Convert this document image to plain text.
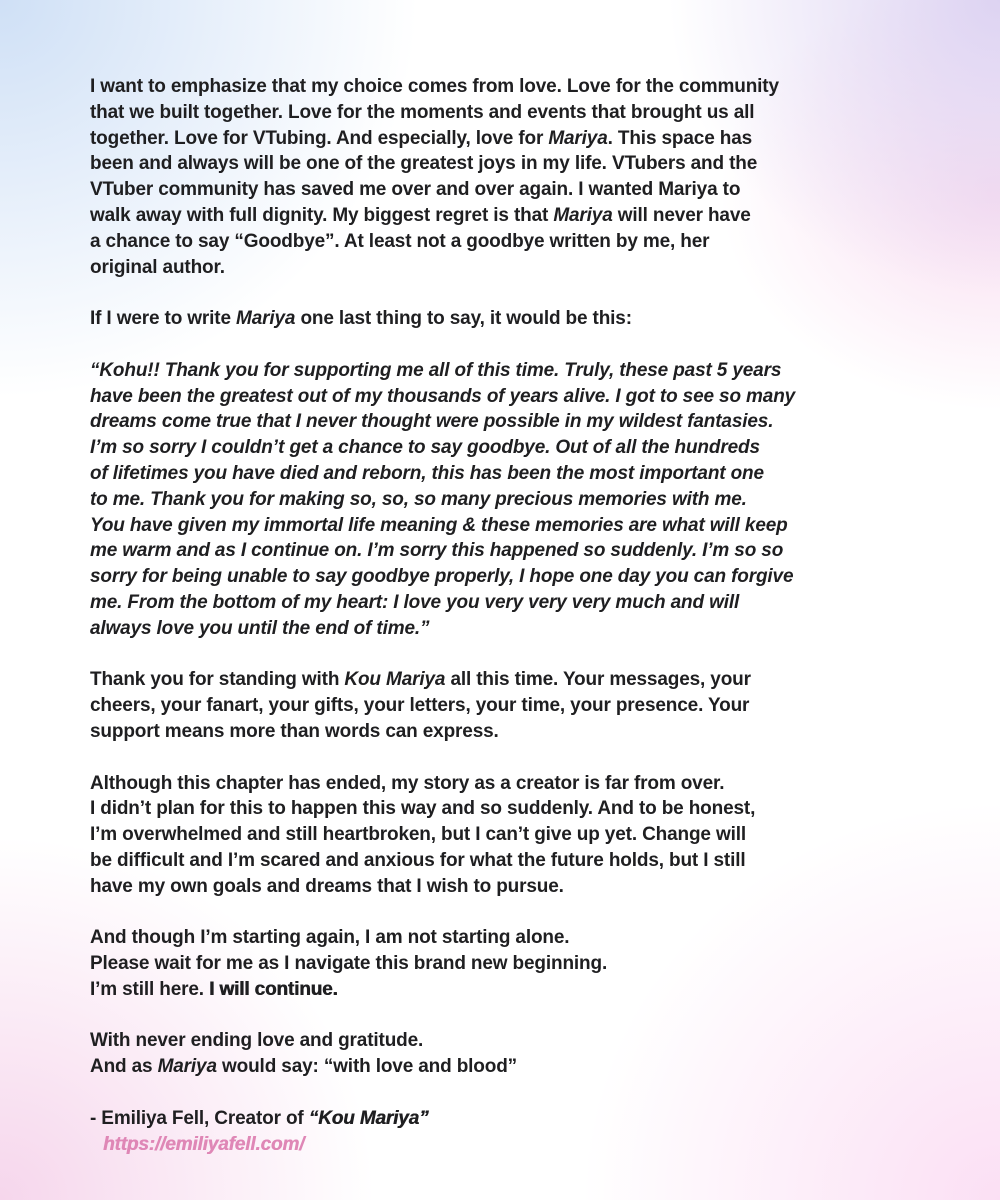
I want to emphasize that my choice comes from love. Love for the community
that we built together. Love for the moments and events that brought us all
together. Love for VTubing. And especially, love for Mariya. This space has
been and always will be one of the greatest joys in my life. VTubers and the
VTuber community has saved me over and over again. I wanted Mariya to
walk away with full dignity. My biggest regret is that Mariya will never have
a chance to say “Goodbye”. At least not a goodbye written by me, her
original author.
If I were to write Mariya one last thing to say, it would be this:
“Kohu!! Thank you for supporting me all of this time. Truly, these past 5 years
have been the greatest out of my thousands of years alive. I got to see so many
dreams come true that I never thought were possible in my wildest fantasies.
I’m so sorry I couldn’t get a chance to say goodbye. Out of all the hundreds
of lifetimes you have died and reborn, this has been the most important one
to me. Thank you for making so, so, so many precious memories with me.
You have given my immortal life meaning & these memories are what will keep
me warm and as I continue on. I’m sorry this happened so suddenly. I’m so so
sorry for being unable to say goodbye properly, I hope one day you can forgive
me. From the bottom of my heart: I love you very very very much and will
always love you until the end of time.”
Thank you for standing with Kou Mariya all this time. Your messages, your
cheers, your fanart, your gifts, your letters, your time, your presence. Your
support means more than words can express.
Although this chapter has ended, my story as a creator is far from over.
I didn’t plan for this to happen this way and so suddenly. And to be honest,
I’m overwhelmed and still heartbroken, but I can’t give up yet. Change will
be difficult and I’m scared and anxious for what the future holds, but I still
have my own goals and dreams that I wish to pursue.
And though I’m starting again, I am not starting alone.
Please wait for me as I navigate this brand new beginning.
I’m still here. I will continue.
With never ending love and gratitude.
And as Mariya would say: “with love and blood”
- Emiliya Fell, Creator of “Kou Mariya”
https://emiliyafell.com/
